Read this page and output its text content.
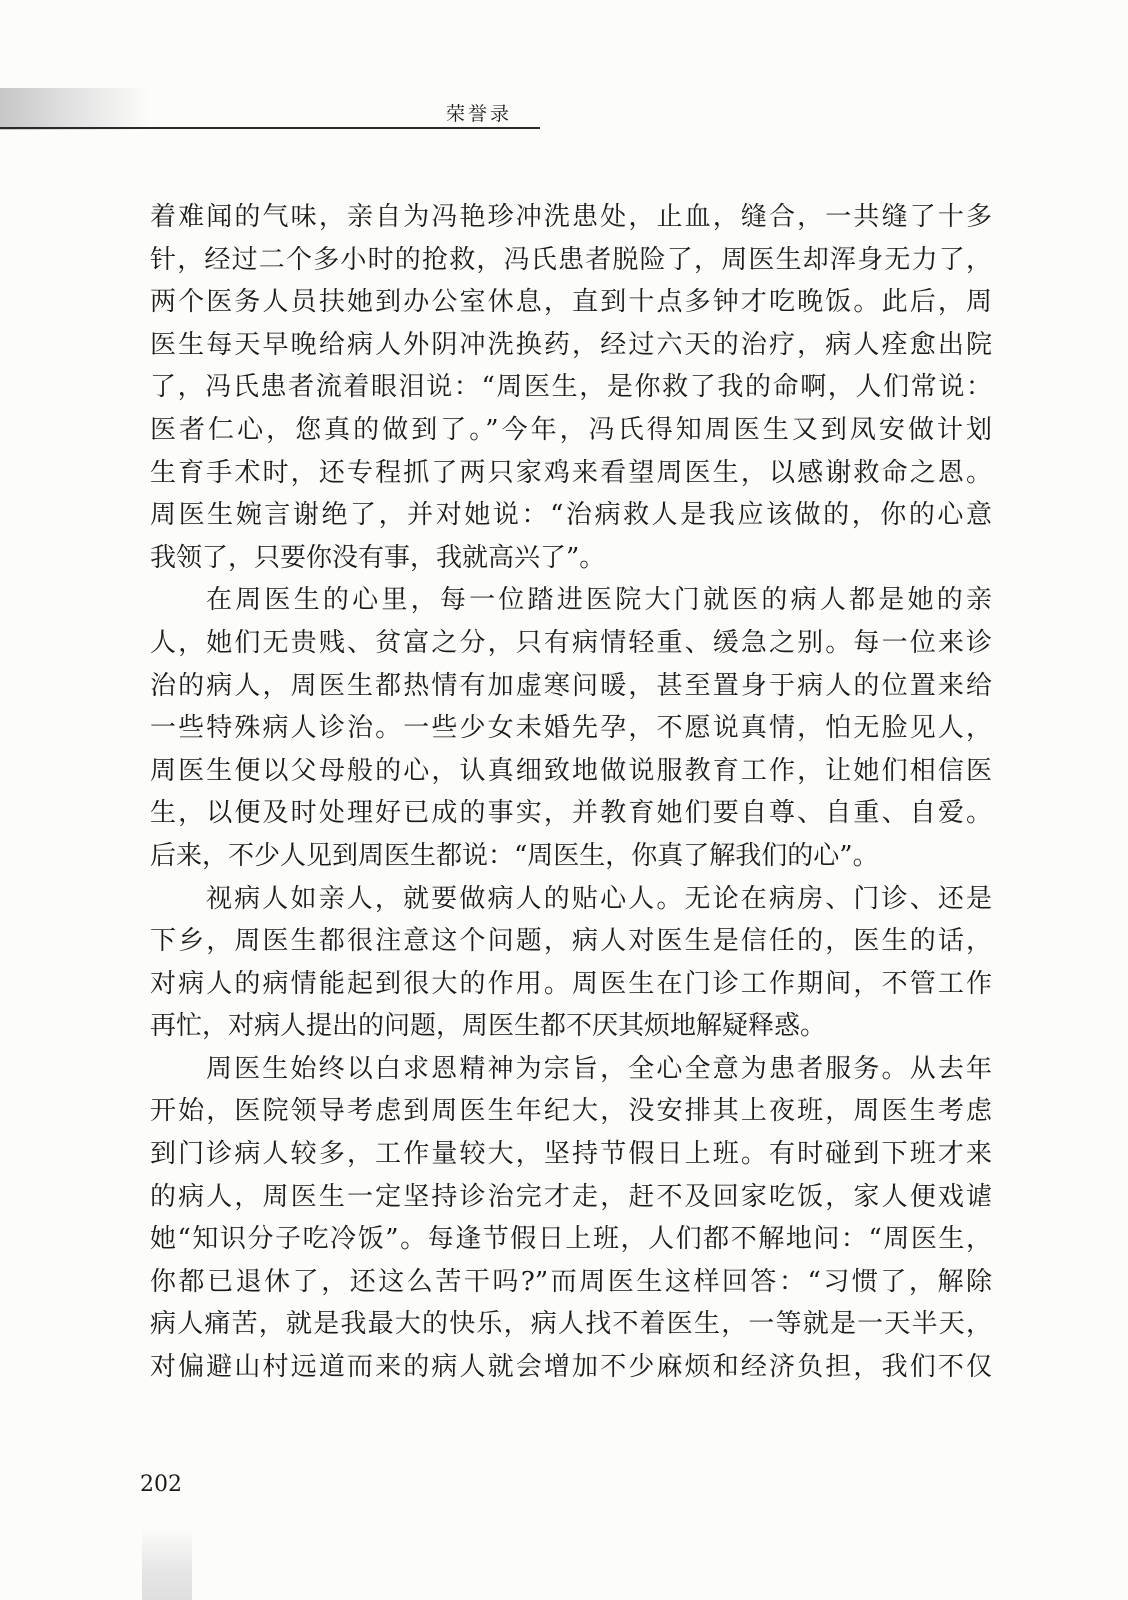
荣誉录
着难闻的气味，亲自为冯艳珍冲洗患处，止血，缝合，一共缝了十多
针，经过二个多小时的抢救，冯氏患者脱险了，周医生却浑身无力了，
两个医务人员扶她到办公室休息，直到十点多钟才吃晚饭。此后，周
医生每天早晚给病人外阴冲洗换药，经过六天的治疗，病人痊愈出院
了，冯氏患者流着眼泪说：“周医生，是你救了我的命啊，人们常说：
医者仁心，您真的做到了。”今年，冯氏得知周医生又到凤安做计划
生育手术时，还专程抓了两只家鸡来看望周医生，以感谢救命之恩。
周医生婉言谢绝了，并对她说：“治病救人是我应该做的，你的心意
我领了，只要你没有事，我就高兴了”。
在周医生的心里，每一位踏进医院大门就医的病人都是她的亲
人，她们无贵贱、贫富之分，只有病情轻重、缓急之别。每一位来诊
治的病人，周医生都热情有加虚寒问暖，甚至置身于病人的位置来给
一些特殊病人诊治。一些少女未婚先孕，不愿说真情，怕无脸见人，
周医生便以父母般的心，认真细致地做说服教育工作，让她们相信医
生，以便及时处理好已成的事实，并教育她们要自尊、自重、自爱。
后来，不少人见到周医生都说：“周医生，你真了解我们的心”。
视病人如亲人，就要做病人的贴心人。无论在病房、门诊、还是
下乡，周医生都很注意这个问题，病人对医生是信任的，医生的话，
对病人的病情能起到很大的作用。周医生在门诊工作期间，不管工作
再忙，对病人提出的问题，周医生都不厌其烦地解疑释惑。
周医生始终以白求恩精神为宗旨，全心全意为患者服务。从去年
开始，医院领导考虑到周医生年纪大，没安排其上夜班，周医生考虑
到门诊病人较多，工作量较大，坚持节假日上班。有时碰到下班才来
的病人，周医生一定坚持诊治完才走，赶不及回家吃饭，家人便戏谑
她“知识分子吃冷饭”。每逢节假日上班，人们都不解地问：“周医生，
你都已退休了，还这么苦干吗?”而周医生这样回答：“习惯了，解除
病人痛苦，就是我最大的快乐，病人找不着医生，一等就是一天半天，
对偏避山村远道而来的病人就会增加不少麻烦和经济负担，我们不仅
202
